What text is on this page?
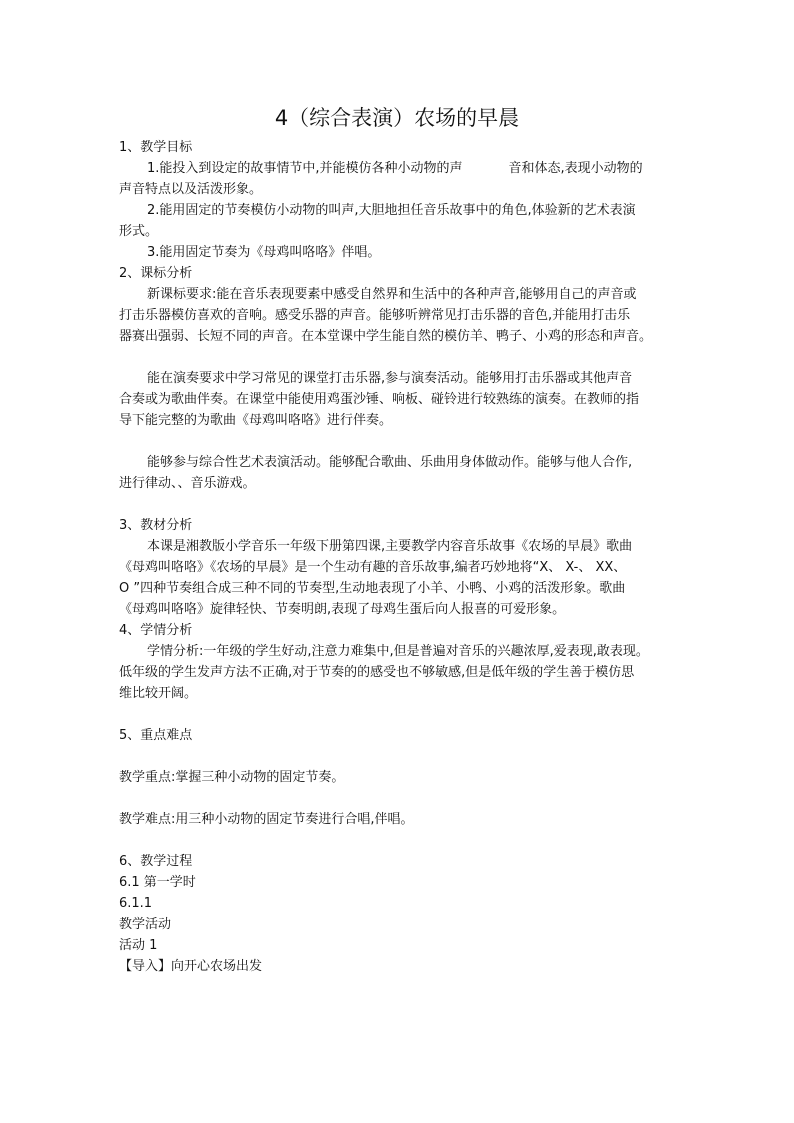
4（综合表演）农场的早晨
1、教学目标
1.能投入到设定的故事情节中,并能模仿各种小动物的声	音和体态,表现小动物的
声音特点以及活泼形象。
2.能用固定的节奏模仿小动物的叫声,大胆地担任音乐故事中的角色,体验新的艺术表演
形式。
3.能用固定节奏为《母鸡叫咯咯》伴唱。
2、课标分析
新课标要求:能在音乐表现要素中感受自然界和生活中的各种声音,能够用自己的声音或
打击乐器模仿喜欢的音响。感受乐器的声音。能够听辨常见打击乐器的音色,并能用打击乐
器赛出强弱、长短不同的声音。在本堂课中学生能自然的模仿羊、鸭子、小鸡的形态和声音。
能在演奏要求中学习常见的课堂打击乐器,参与演奏活动。能够用打击乐器或其他声音
合奏或为歌曲伴奏。在课堂中能使用鸡蛋沙锤、响板、碰铃进行较熟练的演奏。在教师的指
导下能完整的为歌曲《母鸡叫咯咯》进行伴奏。
能够参与综合性艺术表演活动。能够配合歌曲、乐曲用身体做动作。能够与他人合作,
进行律动、、音乐游戏。
3、教材分析
本课是湘教版小学音乐一年级下册第四课,主要教学内容音乐故事《农场的早晨》歌曲
《母鸡叫咯咯》《农场的早晨》是一个生动有趣的音乐故事,编者巧妙地将“X、 X-、 XX、
O ”四种节奏组合成三种不同的节奏型,生动地表现了小羊、小鸭、小鸡的活泼形象。歌曲
《母鸡叫咯咯》旋律轻快、节奏明朗,表现了母鸡生蛋后向人报喜的可爱形象。
4、学情分析
学情分析:一年级的学生好动,注意力难集中,但是普遍对音乐的兴趣浓厚,爱表现,敢表现。
低年级的学生发声方法不正确,对于节奏的的感受也不够敏感,但是低年级的学生善于模仿思
维比较开阔。
5、重点难点
教学重点:掌握三种小动物的固定节奏。
教学难点:用三种小动物的固定节奏进行合唱,伴唱。
6、教学过程
6.1 第一学时
6.1.1
教学活动
活动 1
【导入】向开心农场出发
